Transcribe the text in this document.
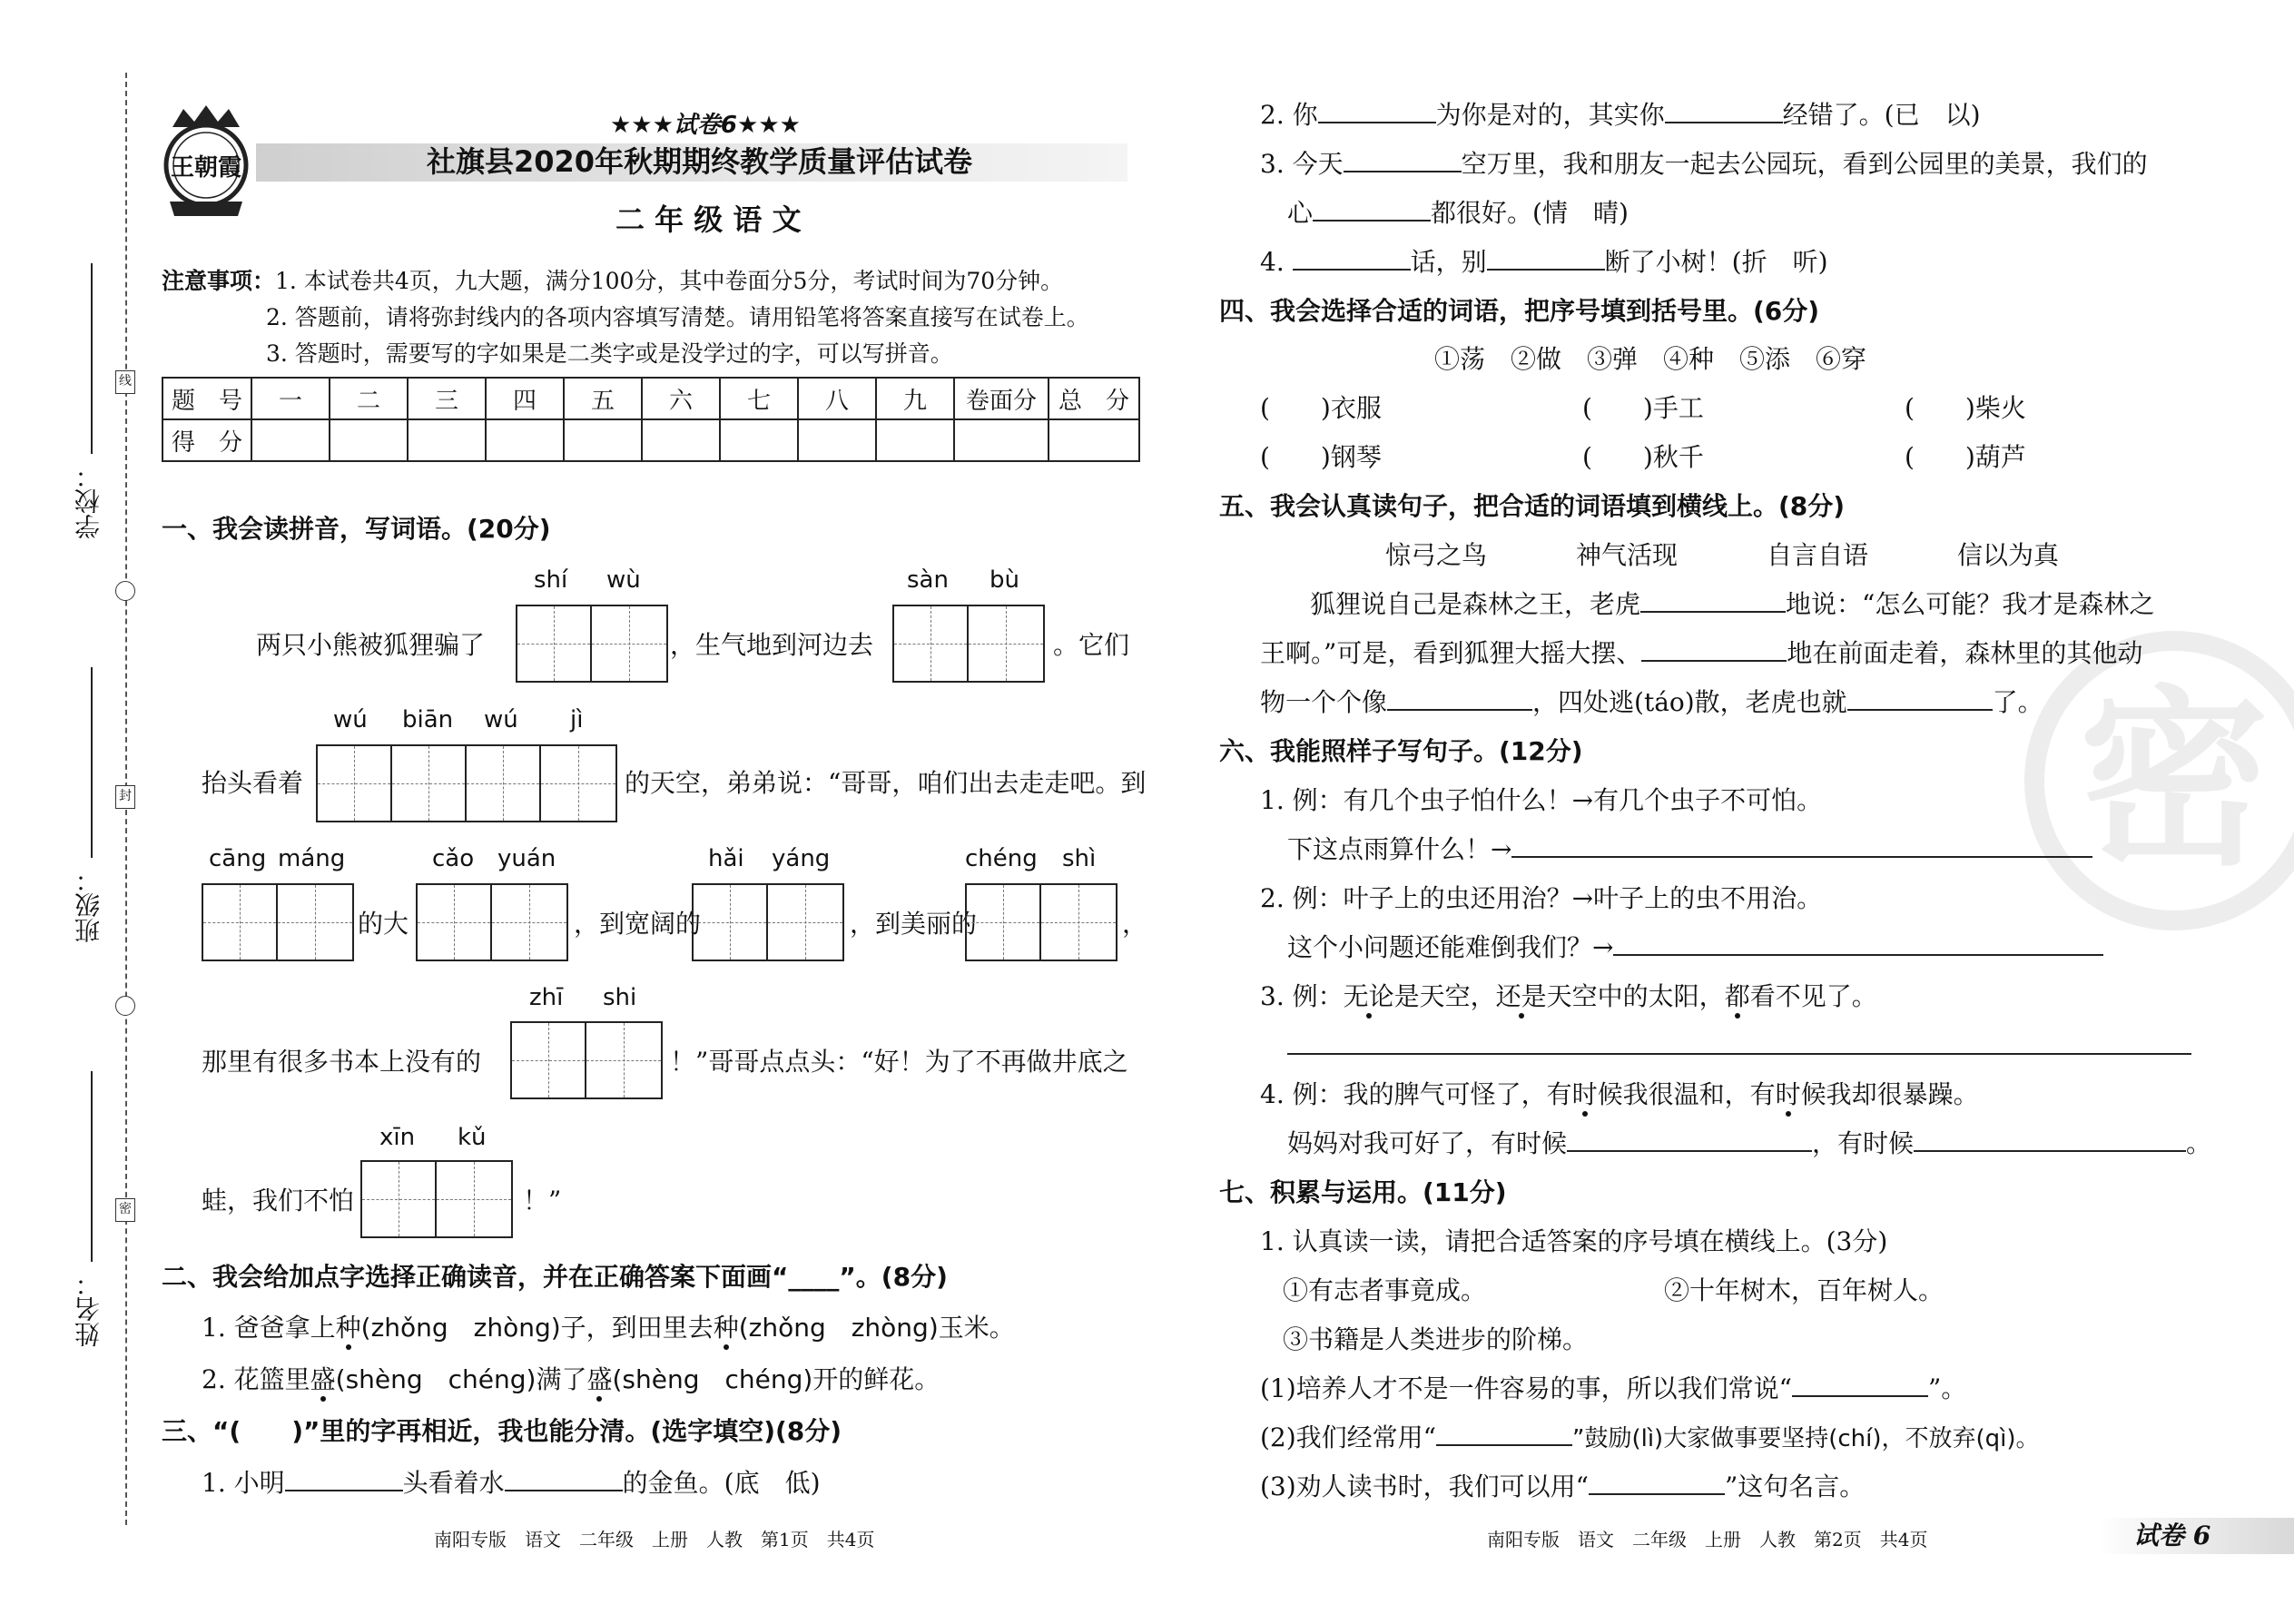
线
封
密
学校：
班级：
姓名：
王朝霞
★★★试卷6★★★
社旗县2020年秋期期终教学质量评估试卷
二 年 级 语 文
注意事项：1. 本试卷共4页，九大题，满分100分，其中卷面分5分，考试时间为70分钟。
2. 答题前，请将弥封线内的各项内容填写清楚。请用铅笔将答案直接写在试卷上。
3. 答题时，需要写的字如果是二类字或是没学过的字，可以写拼音。
题　号	一	二	三	四	五	六	七	八	九	卷面分	总　分
得　分											
一、我会读拼音，写词语。(20分)
shí wù	sàn bù
两只小熊被狐狸骗了	，生气地到河边去	。它们
wú biān wú jì
抬头看着	的天空，弟弟说：“哥哥，咱们出去走走吧。到
cāng máng	cǎo yuán	hǎi yáng	chéng shì
的大	，到宽阔的	，到美丽的	，
zhī shi
那里有很多书本上没有的	！”哥哥点点头：“好！为了不再做井底之
xīn kǔ
蛙，我们不怕	！”
二、我会给加点字选择正确读音，并在正确答案下面画“____”。(8分)
1. 爸爸拿上种(zhǒng　zhòng)子，到田里去种(zhǒng　zhòng)玉米。
2. 花篮里盛(shèng　chéng)满了盛(shèng　chéng)开的鲜花。
三、“(　　)”里的字再相近，我也能分清。(选字填空)(8分)
1. 小明	头看着水	的金鱼。(底　低)
南阳专版　语文　二年级　上册　人教　第1页　共4页
2. 你	为你是对的，其实你	经错了。(已　以)
3. 今天	空万里，我和朋友一起去公园玩，看到公园里的美景，我们的
心	都很好。(情　晴)
4.	话，别	断了小树！(折　听)
四、我会选择合适的词语，把序号填到括号里。(6分)
①荡　②做　③弹　④种　⑤添　⑥穿
(　　)衣服	(　　)手工	(　　)柴火
(　　)钢琴	(　　)秋千	(　　)葫芦
五、我会认真读句子，把合适的词语填到横线上。(8分)
惊弓之鸟	神气活现	自言自语	信以为真
狐狸说自己是森林之王，老虎	地说：“怎么可能？我才是森林之
王啊。”可是，看到狐狸大摇大摆、	地在前面走着，森林里的其他动
物一个个像	，四处逃(táo)散，老虎也就	了。
六、我能照样子写句子。(12分)
1. 例：有几个虫子怕什么！→有几个虫子不可怕。
下这点雨算什么！→
2. 例：叶子上的虫还用治？→叶子上的虫不用治。
这个小问题还能难倒我们？→
3. 例：无论是天空，还是天空中的太阳，都看不见了。
4. 例：我的脾气可怪了，有时候我很温和，有时候我却很暴躁。
妈妈对我可好了，有时候	，有时候	。
七、积累与运用。(11分)
1. 认真读一读，请把合适答案的序号填在横线上。(3分)
①有志者事竟成。	②十年树木，百年树人。
③书籍是人类进步的阶梯。
(1)培养人才不是一件容易的事，所以我们常说“	”。
(2)我们经常用“	”鼓励(lì)大家做事要坚持(chí)，不放弃(qì)。
(3)劝人读书时，我们可以用“	”这句名言。
密
南阳专版　语文　二年级　上册　人教　第2页　共4页	试卷 6
